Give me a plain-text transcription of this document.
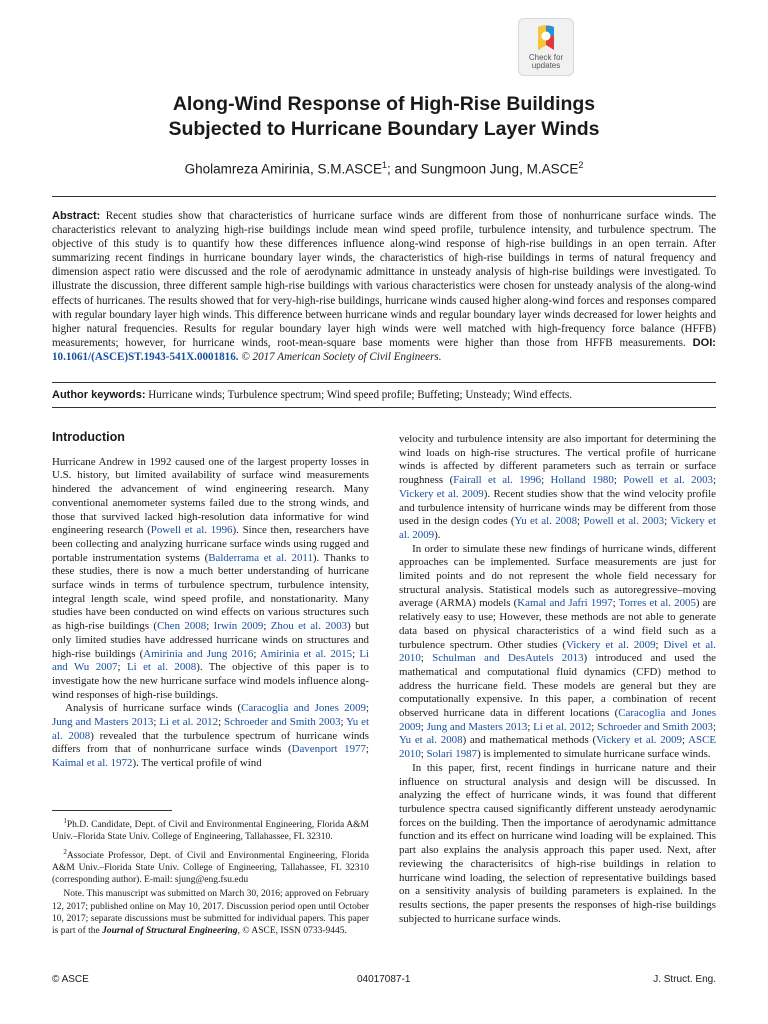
Check for
updates
Along-Wind Response of High-Rise Buildings
Subjected to Hurricane Boundary Layer Winds
Gholamreza Amirinia, S.M.ASCE$^1$; and Sungmoon Jung, M.ASCE$^2$

Abstract: Recent studies show that characteristics of hurricane surface winds are different from those of nonhurricane surface winds. The characteristics relevant to analyzing high-rise buildings include mean wind speed profile, turbulence intensity, and turbulence spectrum. The objective of this study is to quantify how these differences influence along-wind response of high-rise buildings in an open terrain. After summarizing recent findings in hurricane boundary layer winds, the characteristics of high-rise buildings in terms of natural frequency and dimension aspect ratio were discussed and the role of aerodynamic admittance in unsteady analysis of high-rise buildings were investigated. To illustrate the discussion, three different sample high-rise buildings with various characteristics were chosen for unsteady analysis of the along-wind effects of hurricanes. The results showed that for very-high-rise buildings, hurricane winds caused higher along-wind forces and responses compared with regular boundary layer high winds. This difference between hurricane winds and regular boundary layer winds decreased for lower heights and higher natural frequencies. Results for regular boundary layer high winds were well matched with high-frequency force balance (HFFB) measurements; however, for hurricane winds, root-mean-square base moments were higher than those from HFFB measurements. DOI: 10.1061/(ASCE)ST.1943-541X.0001816. © 2017 American Society of Civil Engineers.

Author keywords: Hurricane winds; Turbulence spectrum; Wind speed profile; Buffeting; Unsteady; Wind effects.

Introduction

Hurricane Andrew in 1992 caused one of the largest property losses in U.S. history, but limited availability of surface wind measurements hindered the advancement of wind engineering research. Many conventional anemometer systems failed due to the strong winds, and those that survived lacked high-resolution data informative for wind engineering research (Powell et al. 1996). Since then, researchers have been collecting and analyzing hurricane surface winds using rugged and portable instrumentation systems (Balderrama et al. 2011). Thanks to these studies, there is now a much better understanding of hurricane surface winds in terms of turbulence spectrum, turbulence intensity, integral length scale, wind speed profile, and nonstationarity. Many studies have been conducted on wind effects on various structures such as high-rise buildings (Chen 2008; Irwin 2009; Zhou et al. 2003) but only limited studies have addressed hurricane winds on structures and high-rise buildings (Amirinia and Jung 2016; Amirinia et al. 2015; Li and Wu 2007; Li et al. 2008). The objective of this paper is to investigate how the new hurricane surface wind models influence along-wind responses of high-rise buildings.

Analysis of hurricane surface winds (Caracoglia and Jones 2009; Jung and Masters 2013; Li et al. 2012; Schroeder and Smith 2003; Yu et al. 2008) revealed that the turbulence spectrum of hurricane winds differs from that of nonhurricane surface winds (Davenport 1977; Kaimal et al. 1972). The vertical profile of wind

$^1$Ph.D. Candidate, Dept. of Civil and Environmental Engineering, Florida A&M Univ.–Florida State Univ. College of Engineering, Tallahassee, FL 32310.

$^2$Associate Professor, Dept. of Civil and Environmental Engineering, Florida A&M Univ.–Florida State Univ. College of Engineering, Tallahassee, FL 32310 (corresponding author). E-mail: sjung@eng.fsu.edu

Note. This manuscript was submitted on March 30, 2016; approved on February 12, 2017; published online on May 10, 2017. Discussion period open until October 10, 2017; separate discussions must be submitted for individual papers. This paper is part of the Journal of Structural Engineering, © ASCE, ISSN 0733-9445.

velocity and turbulence intensity are also important for determining the wind loads on high-rise structures. The vertical profile of hurricane winds is affected by different parameters such as terrain or surface roughness (Fairall et al. 1996; Holland 1980; Powell et al. 2003; Vickery et al. 2009). Recent studies show that the wind velocity profile and turbulence intensity of hurricane winds may be different from those used in the design codes (Yu et al. 2008; Powell et al. 2003; Vickery et al. 2009).

In order to simulate these new findings of hurricane winds, different approaches can be implemented. Surface measurements are just for limited points and do not represent the whole field necessary for structural analysis. Statistical models such as autoregressive–moving average (ARMA) models (Kamal and Jafri 1997; Torres et al. 2005) are relatively easy to use; However, these methods are not able to generate data based on physical characteristics of a wind field such as a turbulence spectrum. Other studies (Vickery et al. 2009; Divel et al. 2010; Schulman and DesAutels 2013) introduced and used the mathematical and computational fluid dynamics (CFD) method to address the hurricane field. These models are general but they are computationally expensive. In this paper, a combination of recent observed hurricane data in different locations (Caracoglia and Jones 2009; Jung and Masters 2013; Li et al. 2012; Schroeder and Smith 2003; Yu et al. 2008) and mathematical methods (Vickery et al. 2009; ASCE 2010; Solari 1987) is implemented to simulate hurricane surface winds.

In this paper, first, recent findings in hurricane nature and their influence on structural analysis and design will be discussed. In analyzing the effect of hurricane winds, it was found that different turbulence spectra caused significantly different unsteady aerodynamic forces on the building. Then the importance of aerodynamic admittance function and its effect on hurricane wind loading will be explained. This part also explains the analysis approach this paper used. Next, after reviewing the characterisitcs of high-rise buildings in relation to hurricane wind loading, the selection of representative buildings based on a sensitivity analysis of building parameters is explained. In the results sections, the paper presents the responses of high-rise buildings subjected to hurricane surface winds.

© ASCE	04017087-1	J. Struct. Eng.
